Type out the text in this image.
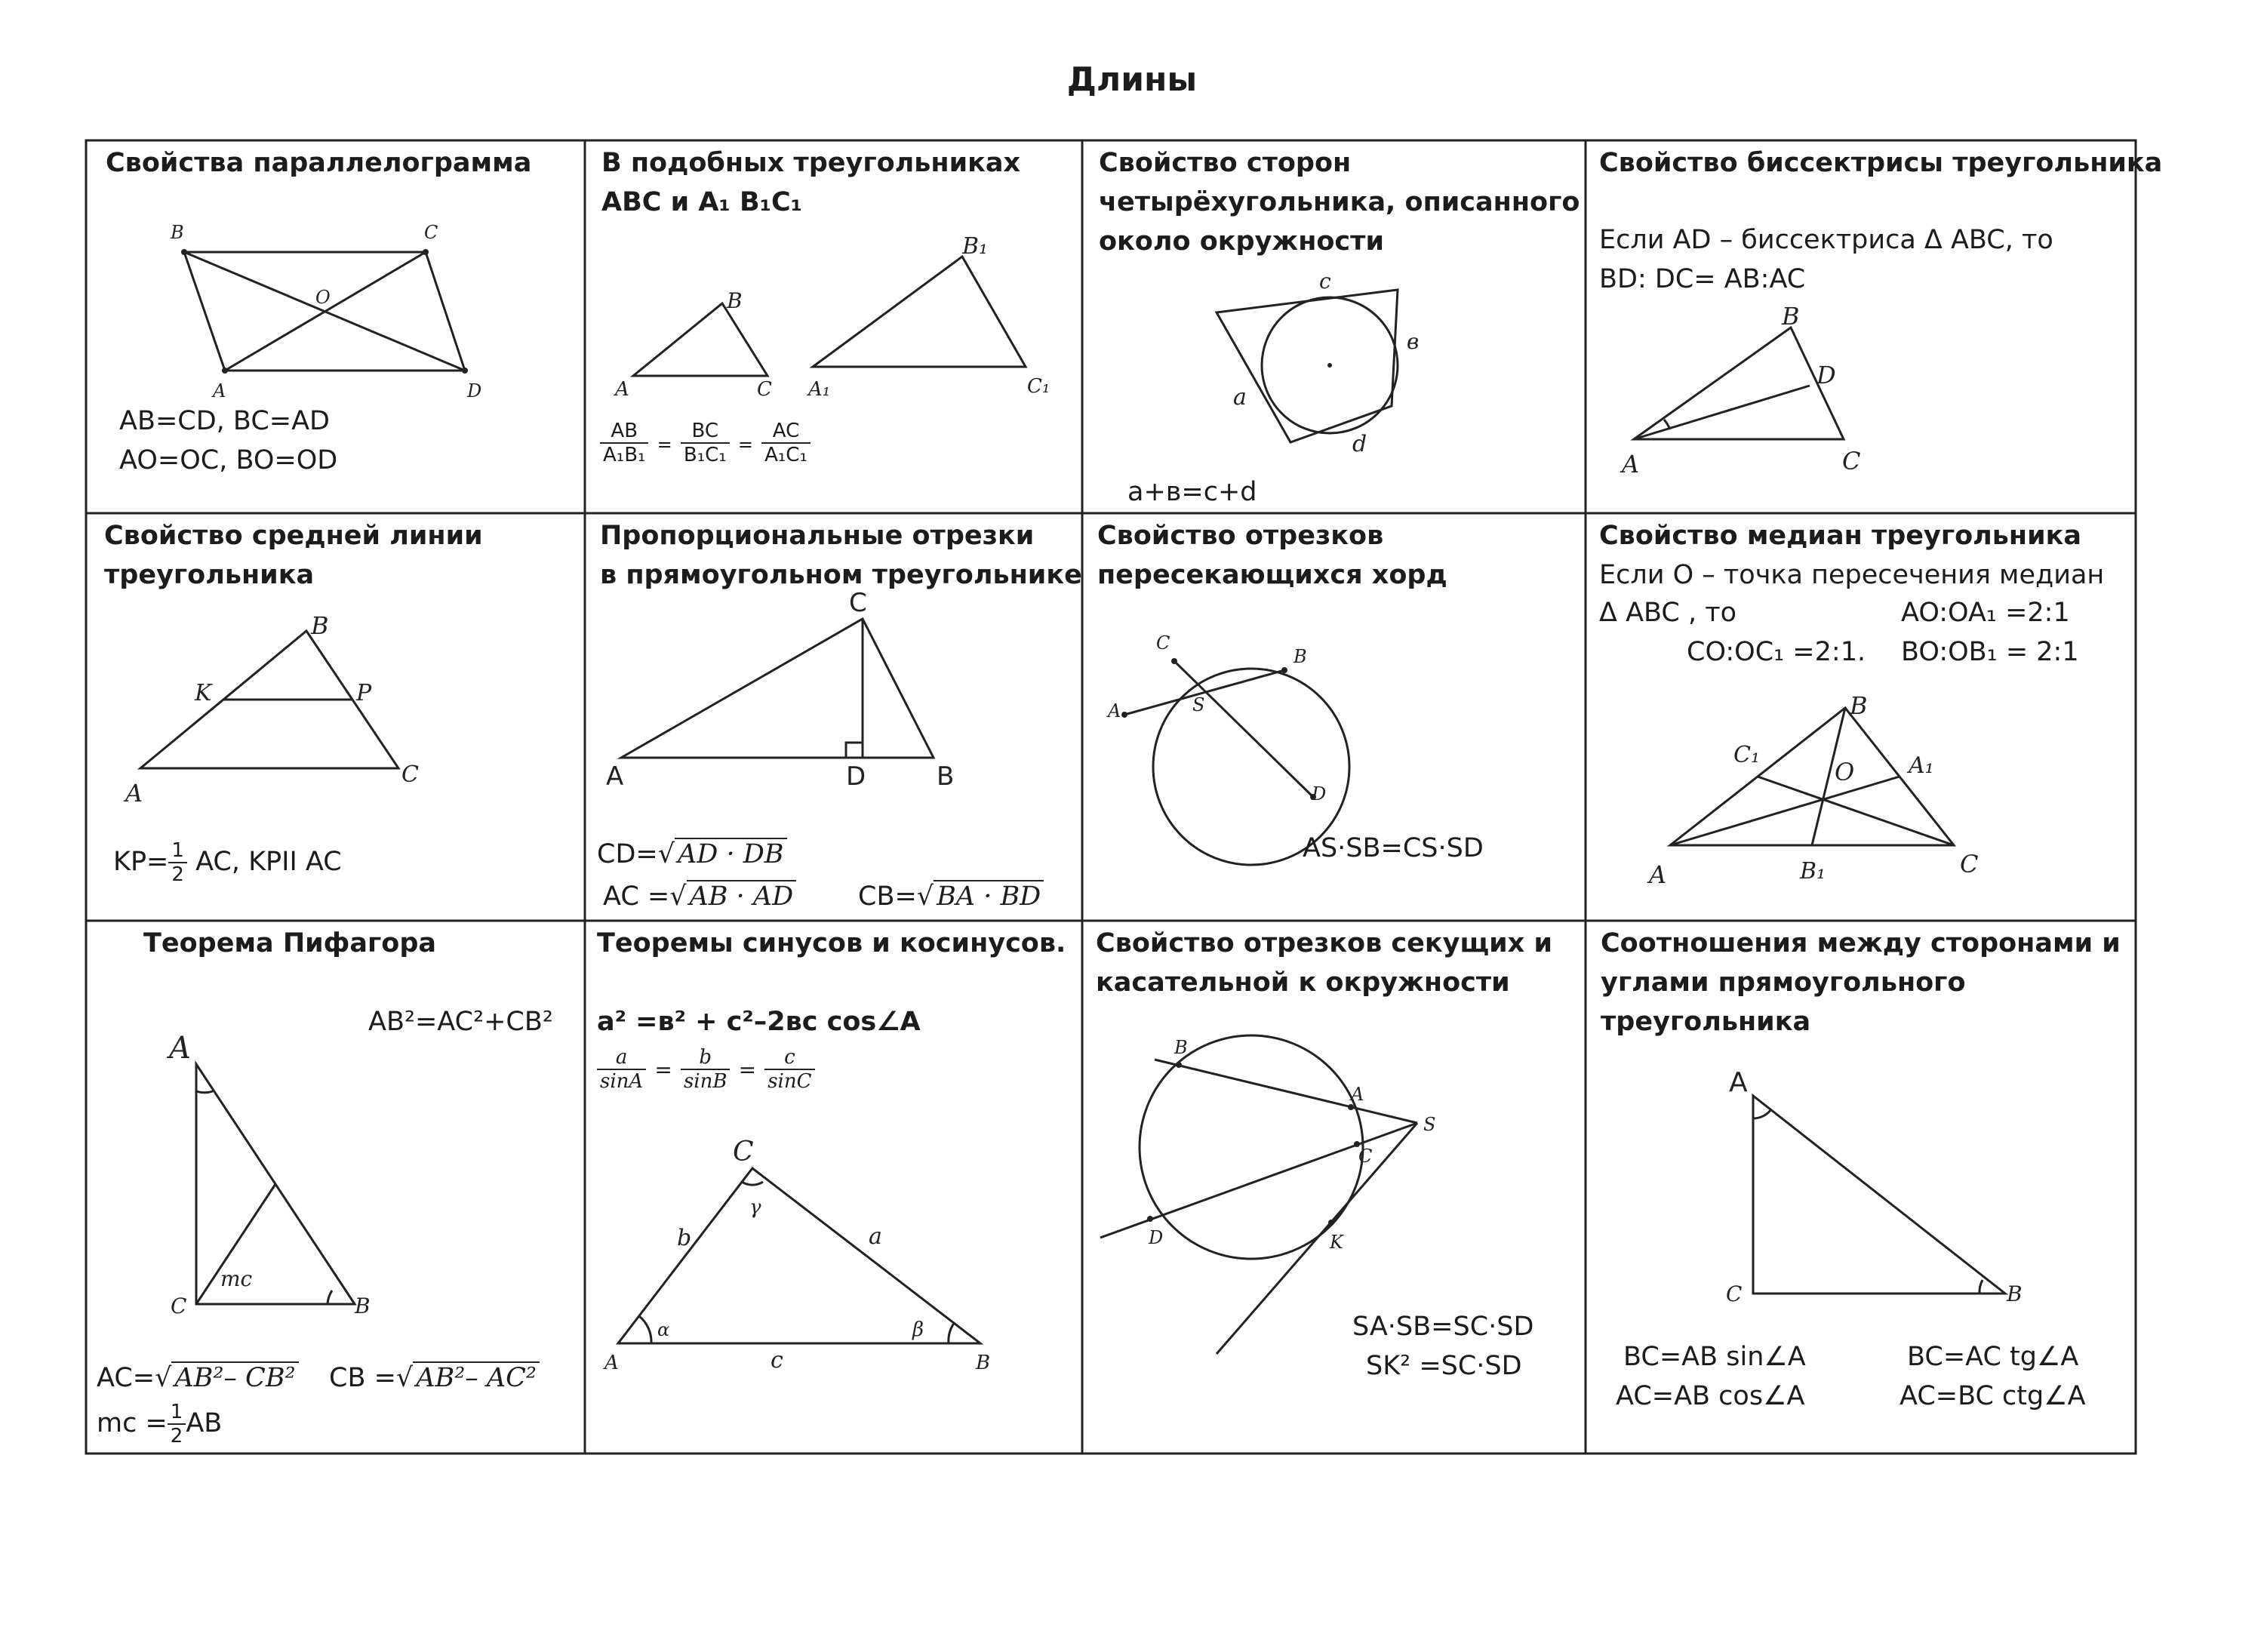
Длины
Свойства параллелограмма
B	C
A	D
O
AB=CD, BC=AD
AO=OC, BO=OD
В подобных треугольниках
ABC и A₁ B₁C₁
A
B
C A₁
B₁
C₁
$\frac{AB}{\text{A₁B₁}} = \frac{BC}{\text{B₁C₁}} = \frac{AC}{\text{A₁C₁}}$
Свойство сторон
четырёхугольника, описанного
около окружности
c
в
a
d
a+в=c+d
Свойство биссектрисы треугольника
Если AD – биссектриса Δ ABC, то
BD: DC= AB:AC
A
B
C
D
Свойство средней линии
треугольника
A
B
C
K	P
$KP= \frac{1}{2}$ AC, KPII AC
Пропорциональные отрезки
в прямоугольном треугольнике
A
C
D	B
CD=√ AD · DB
AC =√ AB · AD CB=√ BA · BD
Свойство отрезков
пересекающихся хорд
A
B
C
D
S
AS·SB=CS·SD
Свойство медиан треугольника
Если O – точка пересечения медиан
Δ ABC , то	AO:OA₁ =2:1
CO:OC₁ =2:1. BO:OB₁ = 2:1
A
B
C
O A₁
B₁
C₁
Теорема Пифагора
AB²=AC²+CB²
A
C	B
mc
AC=√ AB²– CB² CB =√ AB²– AC²
mc = $\frac{1}{2}$ AB
Теоремы синусов и косинусов.
a² =в² + c²–2вc cos∠A
$\frac{a}{\sin A} = \frac{b}{\sin B} = \frac{c}{\sin C}$
A
C
B
b	a
c
α	β
γ
Свойство отрезков секущих и
касательной к окружности
B
A
C
S
D	K
SA·SB=SC·SD
SK² =SC·SD
Соотношения между сторонами и
углами прямоугольного
треугольника
A
C	B
BC=AB sin∠A	BC=AC tg∠A
AC=AB cos∠A	AC=BC ctg∠A
